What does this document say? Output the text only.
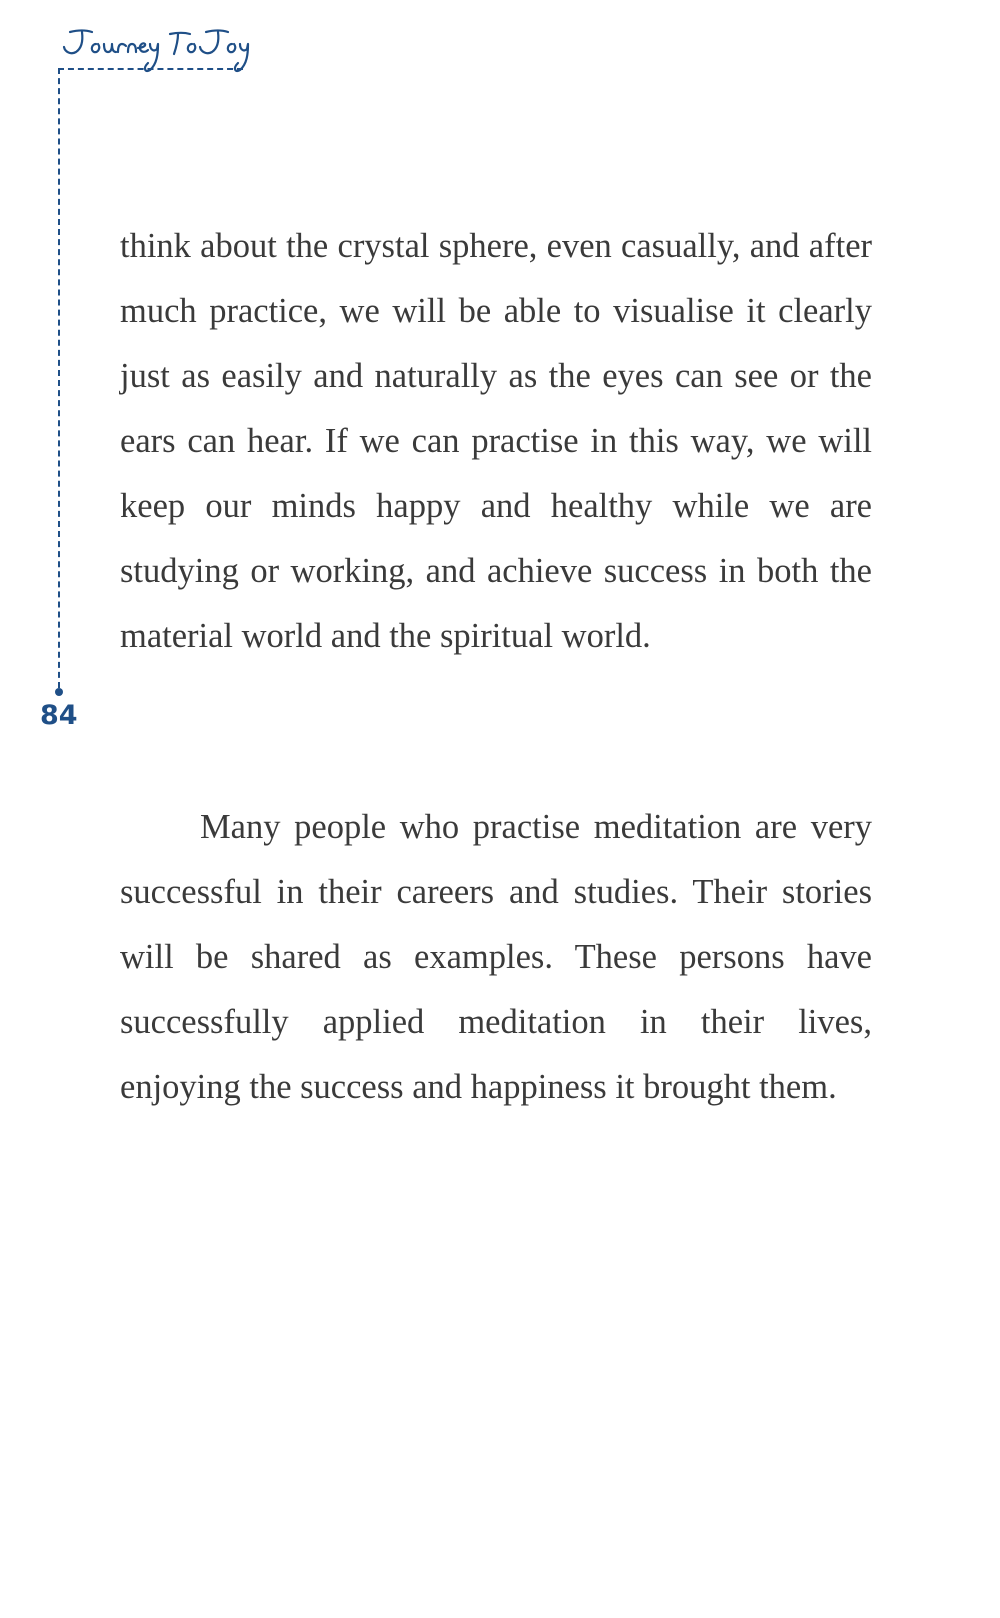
84

think about the crystal sphere, even casually, and after much practice, we will be able to visualise it clearly just as easily and naturally as the eyes can see or the ears can hear. If we can practise in this way, we will keep our minds happy and healthy while we are studying or working, and achieve success in both the material world and the spiritual world.

Many people who practise meditation are very successful in their careers and studies. Their stories will be shared as examples. These persons have successfully applied meditation in their lives, enjoying the success and happiness it brought them.
